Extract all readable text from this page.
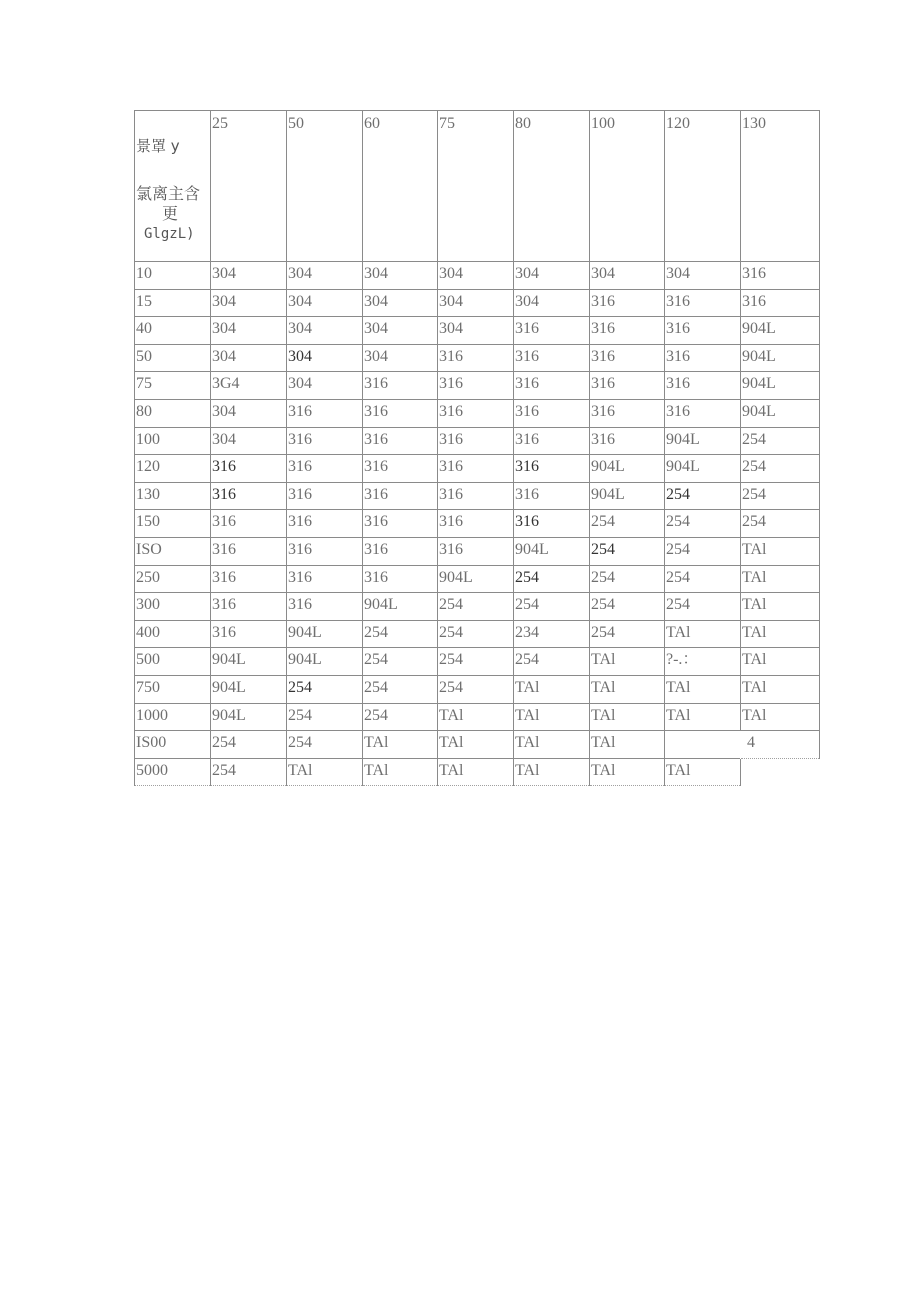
景罩 y
氯离主含
更
GlgzL)	25	50	60	75	80	100	120	130
10	304	304	304	304	304	304	304	316
15	304	304	304	304	304	316	316	316
40	304	304	304	304	316	316	316	904L
50	304	304	304	316	316	316	316	904L
75	3G4	304	316	316	316	316	316	904L
80	304	316	316	316	316	316	316	904L
100	304	316	316	316	316	316	904L	254
120	316	316	316	316	316	904L	904L	254
130	316	316	316	316	316	904L	254	254
150	316	316	316	316	316	254	254	254
ISO	316	316	316	316	904L	254	254	TAl
250	316	316	316	904L	254	254	254	TAl
300	316	316	904L	254	254	254	254	TAl
400	316	904L	254	254	234	254	TAl	TAl
500	904L	904L	254	254	254	TAl	?-.：	TAl
750	904L	254	254	254	TAl	TAl	TAl	TAl
1000	904L	254	254	TAl	TAl	TAl	TAl	TAl
IS00	254	254	TAl	TAl	TAl	TAl		4
5000	254	TAl	TAl	TAl	TAl	TAl	TAl	
